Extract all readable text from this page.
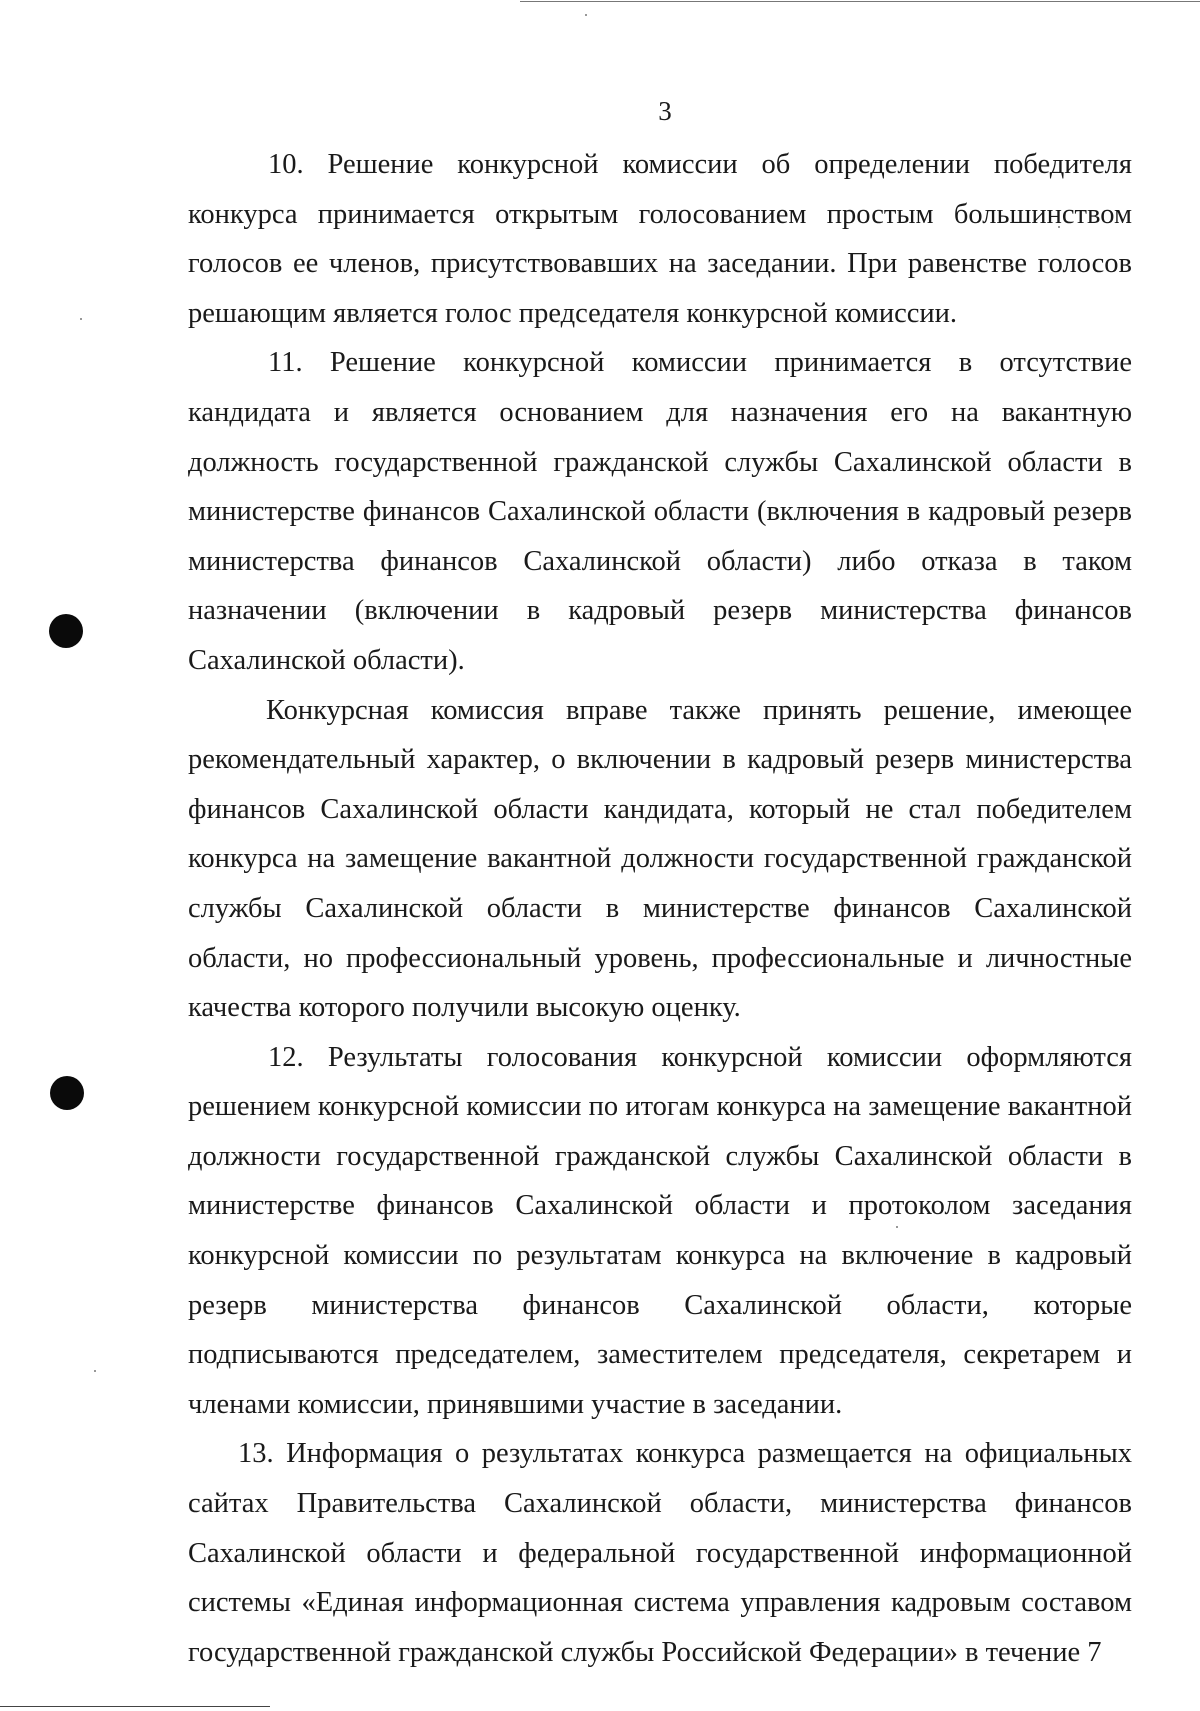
3

10. Решение конкурсной комиссии об определении победителя конкурса принимается открытым голосованием простым большинством голосов ее членов, присутствовавших на заседании. При равенстве голосов решающим является голос председателя конкурсной комиссии.

11. Решение конкурсной комиссии принимается в отсутствие кандидата и является основанием для назначения его на вакантную должность государственной гражданской службы Сахалинской области в министерстве финансов Сахалинской области (включения в кадровый резерв министерства финансов Сахалинской области) либо отказа в таком назначении (включении в кадровый резерв министерства финансов Сахалинской области).

Конкурсная комиссия вправе также принять решение, имеющее рекомендательный характер, о включении в кадровый резерв министерства финансов Сахалинской области кандидата, который не стал победителем конкурса на замещение вакантной должности государственной гражданской службы Сахалинской области в министерстве финансов Сахалинской области, но профессиональный уровень, профессиональные и личностные качества которого получили высокую оценку.

12. Результаты голосования конкурсной комиссии оформляются решением конкурсной комиссии по итогам конкурса на замещение вакантной должности государственной гражданской службы Сахалинской области в министерстве финансов Сахалинской области и протоколом заседания конкурсной комиссии по результатам конкурса на включение в кадровый резерв министерства финансов Сахалинской области, которые подписываются председателем, заместителем председателя, секретарем и членами комиссии, принявшими участие в заседании.

13. Информация о результатах конкурса размещается на официальных сайтах Правительства Сахалинской области, министерства финансов Сахалинской области и федеральной государственной информационной системы «Единая информационная система управления кадровым составом государственной гражданской службы Российской Федерации» в течение 7
